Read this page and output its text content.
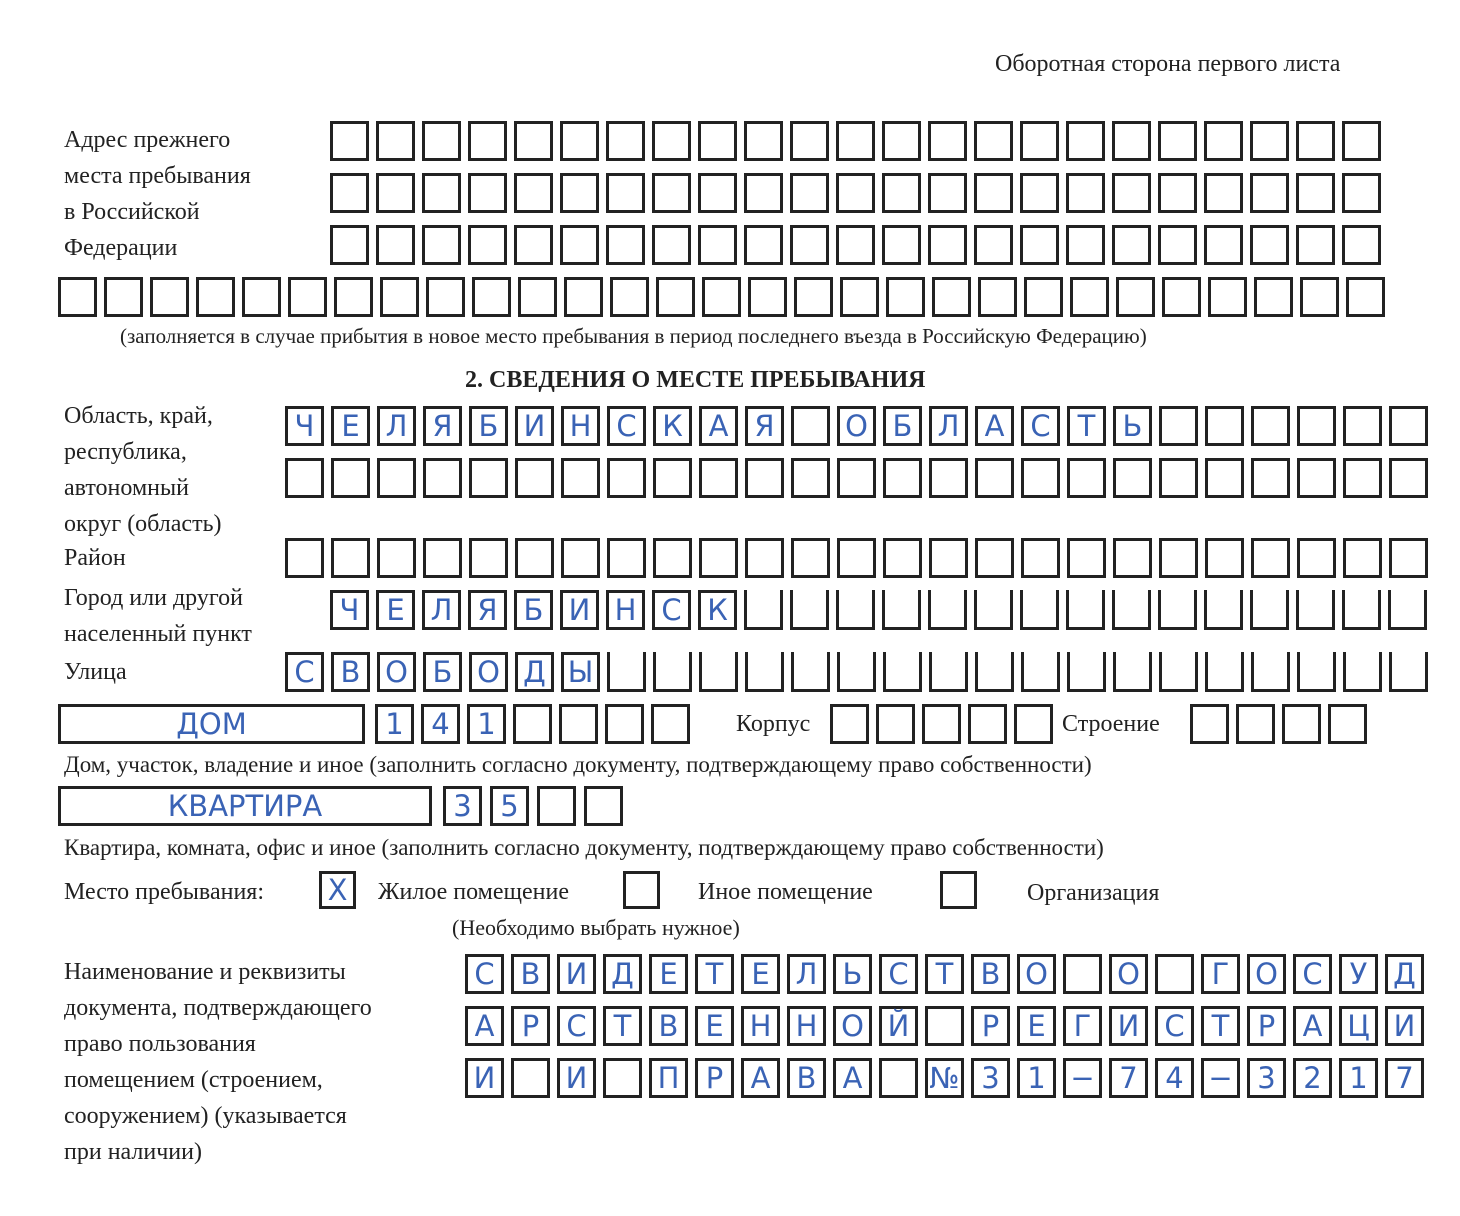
Оборотная сторона первого листа
Адрес прежнего
места пребывания
в Российской
Федерации
(заполняется в случае прибытия в новое место пребывания в период последнего въезда в Российскую Федерацию)
2. СВЕДЕНИЯ О МЕСТЕ ПРЕБЫВАНИЯ
Область, край,
республика,
автономный
округ (область)
Ч Е Л Я Б И Н С К А Я	О Б Л А С Т Ь
Район
Город или другой
населенный пункт
Ч Е Л Я Б И Н С К
Улица	С В О Б О Д Ы
ДОМ	1 4 1	Корпус	Строение
Дом, участок, владение и иное (заполнить согласно документу, подтверждающему право собственности)
КВАРТИРА	3 5
Квартира, комната, офис и иное (заполнить согласно документу, подтверждающему право собственности)
Место пребывания: X	Жилое помещение	Иное помещение	Организация
(Необходимо выбрать нужное)
Наименование и реквизиты
документа, подтверждающего
право пользования
помещением (строением,
сооружением) (указывается
при наличии)
С В И Д Е Т Е Л Ь С Т В О О	Г О С У Д
А Р С Т В Е Н Н О Й	Р Е Г И С Т Р А Ц И
И И П Р А В А	№ 3 1 − 7 4 − 3 2 1 7
